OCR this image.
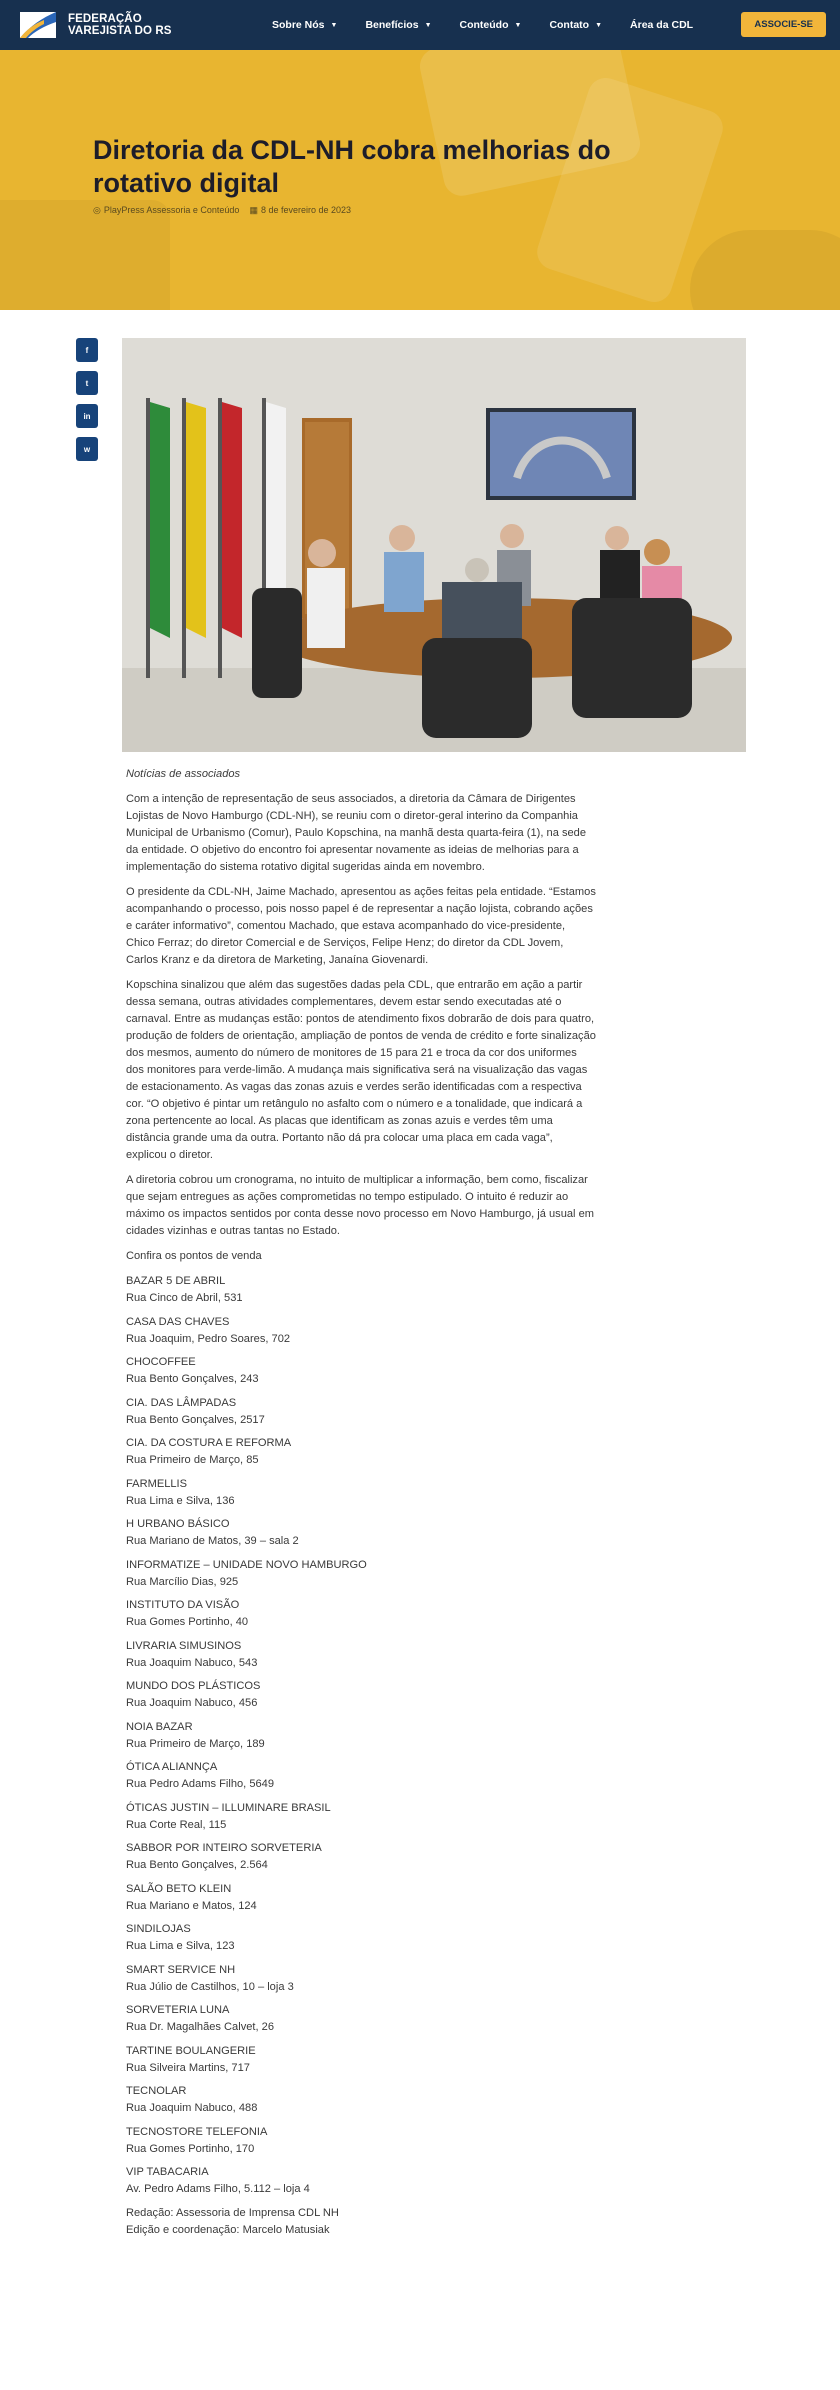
FEDERAÇÃO
VAREJISTA DO RS	Sobre Nós ▼	Benefícios ▼	Conteúdo ▼	Contato ▼	Área da CDL	ASSOCIE-SE
Diretoria da CDL-NH cobra melhorias do rotativo digital
◎ PlayPress Assessoria e Conteúdo ▦ 8 de fevereiro de 2023
f
t
in
w

Notícias de associados

Com a intenção de representação de seus associados, a diretoria da Câmara de Dirigentes Lojistas de Novo Hamburgo (CDL-NH), se reuniu com o diretor-geral interino da Companhia Municipal de Urbanismo (Comur), Paulo Kopschina, na manhã desta quarta-feira (1), na sede da entidade. O objetivo do encontro foi apresentar novamente as ideias de melhorias para a implementação do sistema rotativo digital sugeridas ainda em novembro.

O presidente da CDL-NH, Jaime Machado, apresentou as ações feitas pela entidade. “Estamos acompanhando o processo, pois nosso papel é de representar a nação lojista, cobrando ações e caráter informativo”, comentou Machado, que estava acompanhado do vice-presidente, Chico Ferraz; do diretor Comercial e de Serviços, Felipe Henz; do diretor da CDL Jovem, Carlos Kranz e da diretora de Marketing, Janaína Giovenardi.

Kopschina sinalizou que além das sugestões dadas pela CDL, que entrarão em ação a partir dessa semana, outras atividades complementares, devem estar sendo executadas até o carnaval. Entre as mudanças estão: pontos de atendimento fixos dobrarão de dois para quatro, produção de folders de orientação, ampliação de pontos de venda de crédito e forte sinalização dos mesmos, aumento do número de monitores de 15 para 21 e troca da cor dos uniformes dos monitores para verde-limão. A mudança mais significativa será na visualização das vagas de estacionamento. As vagas das zonas azuis e verdes serão identificadas com a respectiva cor. “O objetivo é pintar um retângulo no asfalto com o número e a tonalidade, que indicará a zona pertencente ao local. As placas que identificam as zonas azuis e verdes têm uma distância grande uma da outra. Portanto não dá pra colocar uma placa em cada vaga”, explicou o diretor.

A diretoria cobrou um cronograma, no intuito de multiplicar a informação, bem como, fiscalizar que sejam entregues as ações comprometidas no tempo estipulado. O intuito é reduzir ao máximo os impactos sentidos por conta desse novo processo em Novo Hamburgo, já usual em cidades vizinhas e outras tantas no Estado.

Confira os pontos de venda

BAZAR 5 DE ABRIL
Rua Cinco de Abril, 531
CASA DAS CHAVES
Rua Joaquim, Pedro Soares, 702
CHOCOFFEE
Rua Bento Gonçalves, 243
CIA. DAS LÂMPADAS
Rua Bento Gonçalves, 2517
CIA. DA COSTURA E REFORMA
Rua Primeiro de Março, 85
FARMELLIS
Rua Lima e Silva, 136
H URBANO BÁSICO
Rua Mariano de Matos, 39 – sala 2
INFORMATIZE – UNIDADE NOVO HAMBURGO
Rua Marcílio Dias, 925
INSTITUTO DA VISÃO
Rua Gomes Portinho, 40
LIVRARIA SIMUSINOS
Rua Joaquim Nabuco, 543
MUNDO DOS PLÁSTICOS
Rua Joaquim Nabuco, 456
NOIA BAZAR
Rua Primeiro de Março, 189
ÓTICA ALIANNÇA
Rua Pedro Adams Filho, 5649
ÓTICAS JUSTIN – ILLUMINARE BRASIL
Rua Corte Real, 115
SABBOR POR INTEIRO SORVETERIA
Rua Bento Gonçalves, 2.564
SALÃO BETO KLEIN
Rua Mariano e Matos, 124
SINDILOJAS
Rua Lima e Silva, 123
SMART SERVICE NH
Rua Júlio de Castilhos, 10 – loja 3
SORVETERIA LUNA
Rua Dr. Magalhães Calvet, 26
TARTINE BOULANGERIE
Rua Silveira Martins, 717
TECNOLAR
Rua Joaquim Nabuco, 488
TECNOSTORE TELEFONIA
Rua Gomes Portinho, 170
VIP TABACARIA
Av. Pedro Adams Filho, 5.112 – loja 4
Redação: Assessoria de Imprensa CDL NH
Edição e coordenação: Marcelo Matusiak
